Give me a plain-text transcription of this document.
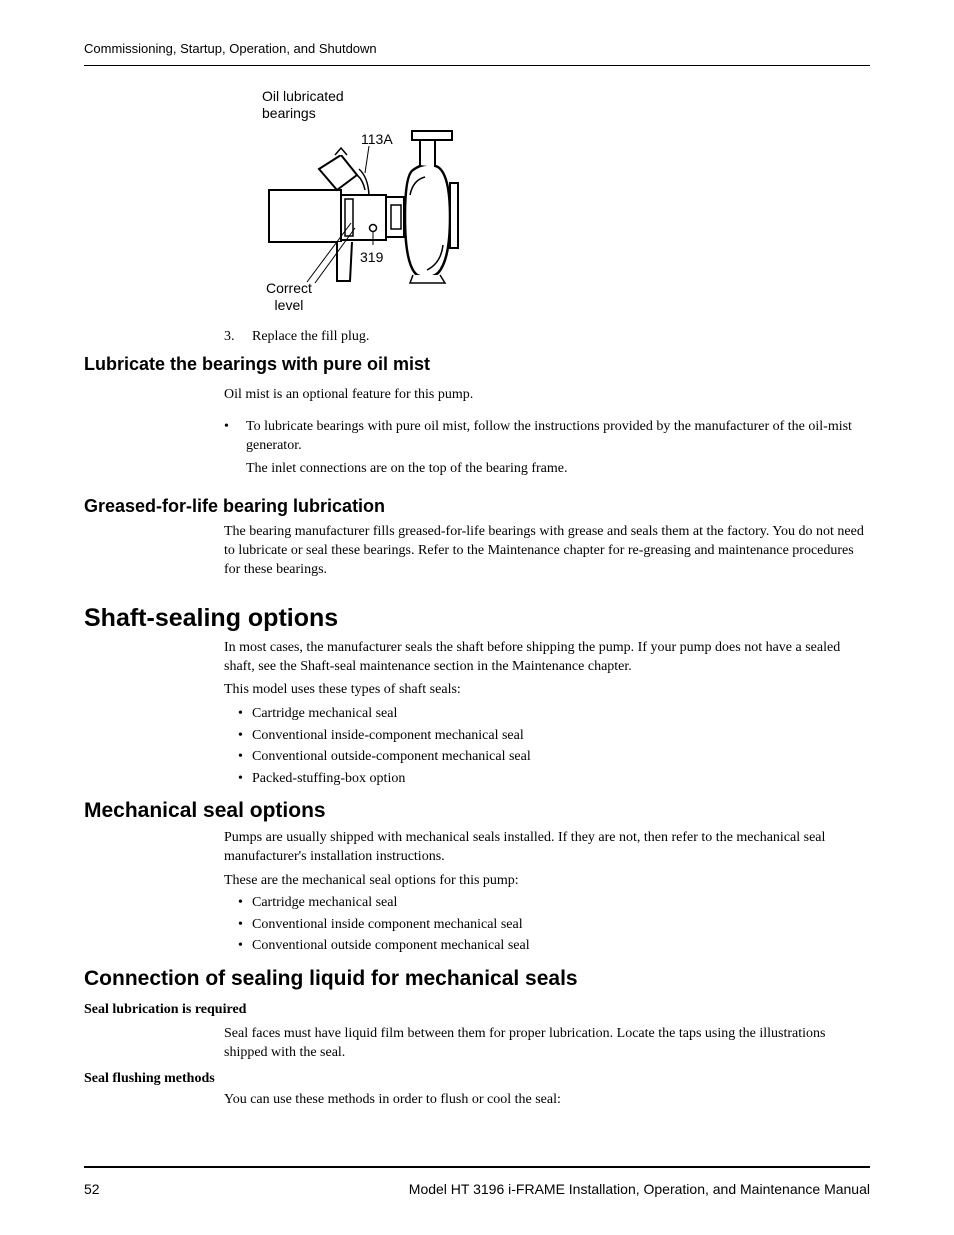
Commissioning, Startup, Operation, and Shutdown
Oil lubricated
bearings
113A
319
Correct
level
3. Replace the fill plug.
Lubricate the bearings with pure oil mist
Oil mist is an optional feature for this pump.
• To lubricate bearings with pure oil mist, follow the instructions provided by the manufacturer of the oil-mist generator.
The inlet connections are on the top of the bearing frame.
Greased-for-life bearing lubrication
The bearing manufacturer fills greased-for-life bearings with grease and seals them at the factory. You do not need to lubricate or seal these bearings. Refer to the Maintenance chapter for re-greasing and maintenance procedures for these bearings.
Shaft-sealing options
In most cases, the manufacturer seals the shaft before shipping the pump. If your pump does not have a sealed shaft, see the Shaft-seal maintenance section in the Maintenance chapter.
This model uses these types of shaft seals:
• Cartridge mechanical seal
• Conventional inside-component mechanical seal
• Conventional outside-component mechanical seal
• Packed-stuffing-box option
Mechanical seal options
Pumps are usually shipped with mechanical seals installed. If they are not, then refer to the mechanical seal manufacturer's installation instructions.
These are the mechanical seal options for this pump:
• Cartridge mechanical seal
• Conventional inside component mechanical seal
• Conventional outside component mechanical seal
Connection of sealing liquid for mechanical seals
Seal lubrication is required
Seal faces must have liquid film between them for proper lubrication. Locate the taps using the illustrations shipped with the seal.
Seal flushing methods
You can use these methods in order to flush or cool the seal:
52	Model HT 3196 i-FRAME Installation, Operation, and Maintenance Manual
